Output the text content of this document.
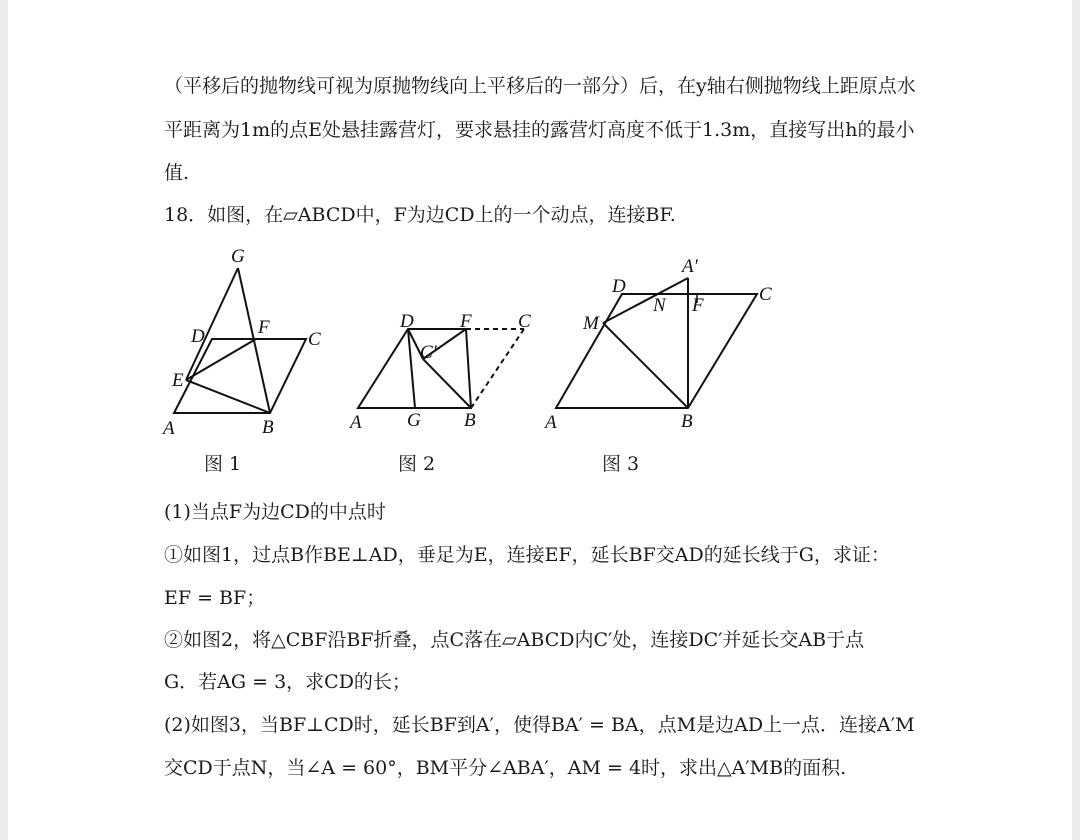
（平移后的抛物线可视为原抛物线向上平移后的一部分）后，在y轴右侧抛物线上距原点水
平距离为1m的点E处悬挂露营灯，要求悬挂的露营灯高度不低于1.3m，直接写出h的最小
值.
18．如图，在▱ABCD中，F为边CD上的一个动点，连接BF.
G
D	F
C
E
A	B
D F C
C′
A G B
A′
D
N F
C
M
A	B
图 1	图 2	图 3
(1)当点F为边CD的中点时
①如图1，过点B作BE⊥AD，垂足为E，连接EF，延长BF交AD的延长线于G，求证：
EF = BF；
②如图2，将△CBF沿BF折叠，点C落在▱ABCD内C′处，连接DC′并延长交AB于点
G．若AG = 3，求CD的长；
(2)如图3，当BF⊥CD时，延长BF到A′，使得BA′ = BA，点M是边AD上一点．连接A′M
交CD于点N，当∠A = 60°，BM平分∠ABA′，AM = 4时，求出△A′MB的面积.
